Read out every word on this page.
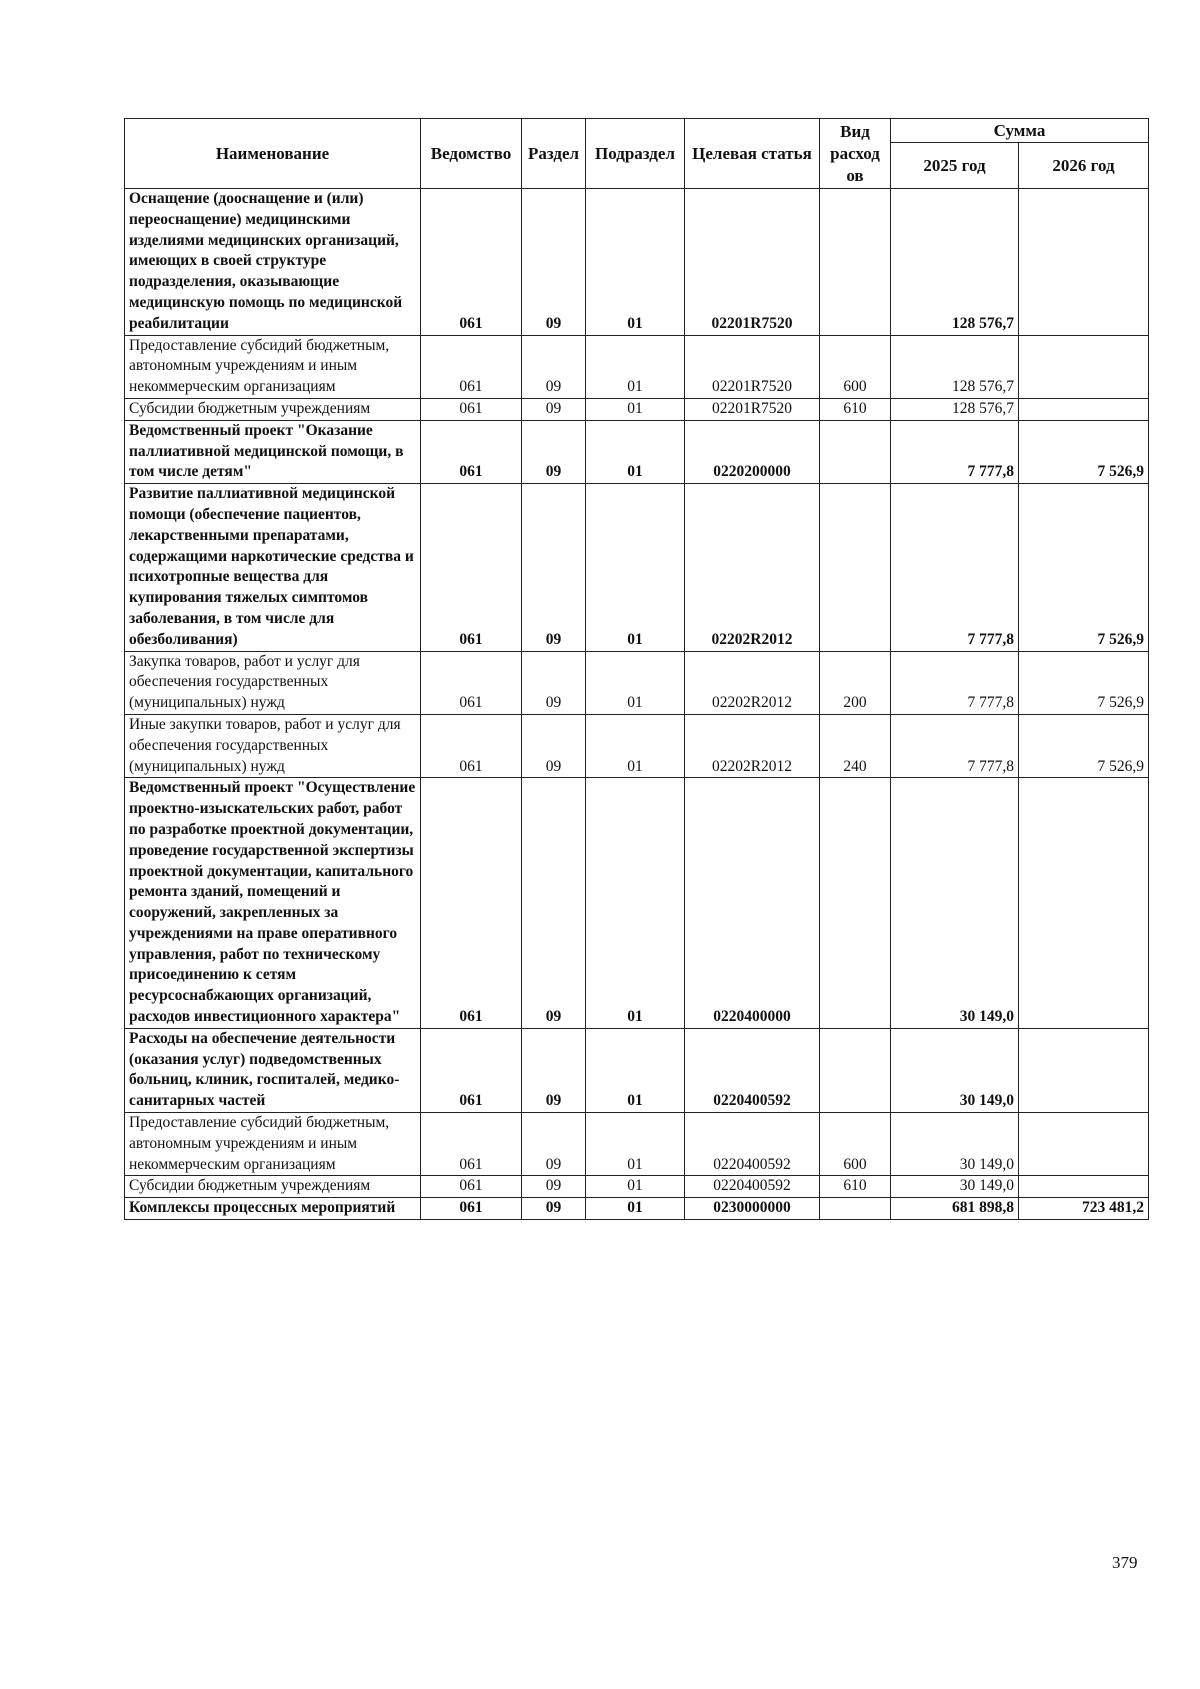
Наименование	Ведомство	Раздел	Подраздел	Целевая статья	Вид расход ов	Сумма	
						2025 год	2026 год
Оснащение (дооснащение и (или) переоснащение) медицинскими изделиями медицинских организаций, имеющих в своей структуре подразделения, оказывающие медицинскую помощь по медицинской реабилитации	061	09	01	02201R7520		128 576,7	
Предоставление субсидий бюджетным, автономным учреждениям и иным некоммерческим организациям	061	09	01	02201R7520	600	128 576,7	
Субсидии бюджетным учреждениям	061	09	01	02201R7520	610	128 576,7	
Ведомственный проект "Оказание паллиативной медицинской помощи, в том числе детям"	061	09	01	0220200000		7 777,8	7 526,9
Развитие паллиативной медицинской помощи (обеспечение пациентов, лекарственными препаратами, содержащими наркотические средства и психотропные вещества для купирования тяжелых симптомов заболевания, в том числе для обезболивания)	061	09	01	02202R2012		7 777,8	7 526,9
Закупка товаров, работ и услуг для обеспечения государственных (муниципальных) нужд	061	09	01	02202R2012	200	7 777,8	7 526,9
Иные закупки товаров, работ и услуг для обеспечения государственных (муниципальных) нужд	061	09	01	02202R2012	240	7 777,8	7 526,9
Ведомственный проект "Осуществление проектно-изыскательских работ, работ по разработке проектной документации, проведение государственной экспертизы проектной документации, капитального ремонта зданий, помещений и сооружений, закрепленных за учреждениями на праве оперативного управления, работ по техническому присоединению к сетям ресурсоснабжающих организаций, расходов инвестиционного характера"	061	09	01	0220400000		30 149,0	
Расходы на обеспечение деятельности (оказания услуг) подведомственных больниц, клиник, госпиталей, медико-санитарных частей	061	09	01	0220400592		30 149,0	
Предоставление субсидий бюджетным, автономным учреждениям и иным некоммерческим организациям	061	09	01	0220400592	600	30 149,0	
Субсидии бюджетным учреждениям	061	09	01	0220400592	610	30 149,0	
Комплексы процессных мероприятий	061	09	01	0230000000		681 898,8	723 481,2
379
